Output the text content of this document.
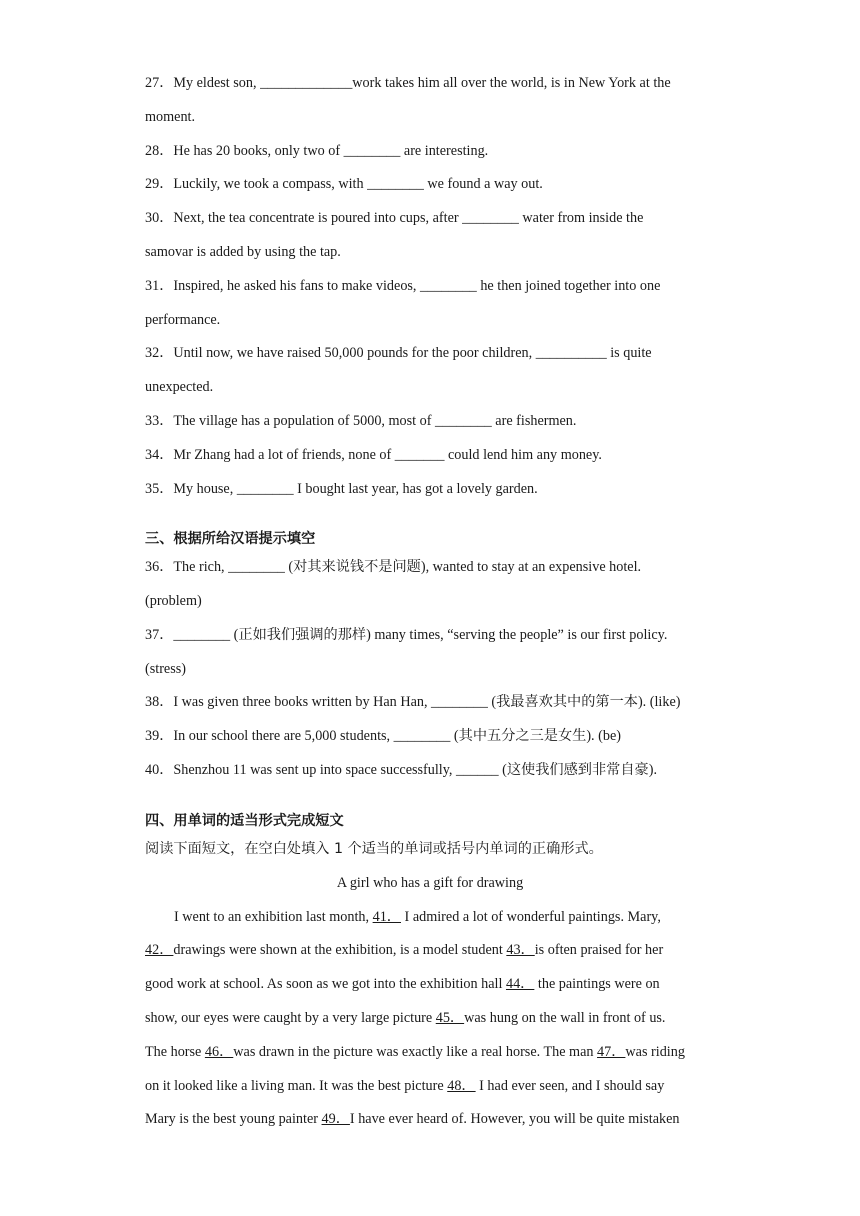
27．My eldest son, _____________work takes him all over the world, is in New York at the
moment.
28．He has 20 books, only two of ________ are interesting.
29．Luckily, we took a compass, with ________ we found a way out.
30．Next, the tea concentrate is poured into cups, after ________ water from inside the
samovar is added by using the tap.
31．Inspired, he asked his fans to make videos, ________ he then joined together into one
performance.
32．Until now, we have raised 50,000 pounds for the poor children, __________ is quite
unexpected.
33．The village has a population of 5000, most of ________ are fishermen.
34．Mr Zhang had a lot of friends, none of _______ could lend him any money.
35．My house, ________ I bought last year, has got a lovely garden.
三、根据所给汉语提示填空
36．The rich, ________ (对其来说钱不是问题), wanted to stay at an expensive hotel.
(problem)
37．________ (正如我们强调的那样) many times, “serving the people” is our first policy.
(stress)
38．I was given three books written by Han Han, ________ (我最喜欢其中的第一本). (like)
39．In our school there are 5,000 students, ________ (其中五分之三是女生). (be)
40．Shenzhou 11 was sent up into space successfully, ______ (这使我们感到非常自豪).
四、用单词的适当形式完成短文
阅读下面短文，在空白处填入 1 个适当的单词或括号内单词的正确形式。
A girl who has a gift for drawing
I went to an exhibition last month, 41． I admired a lot of wonderful paintings. Mary,
42．drawings were shown at the exhibition, is a model student 43．is often praised for her
good work at school. As soon as we got into the exhibition hall 44． the paintings were on
show, our eyes were caught by a very large picture 45．was hung on the wall in front of us.
The horse 46．was drawn in the picture was exactly like a real horse. The man 47．was riding
on it looked like a living man. It was the best picture 48． I had ever seen, and I should say
Mary is the best young painter 49．I have ever heard of. However, you will be quite mistaken
